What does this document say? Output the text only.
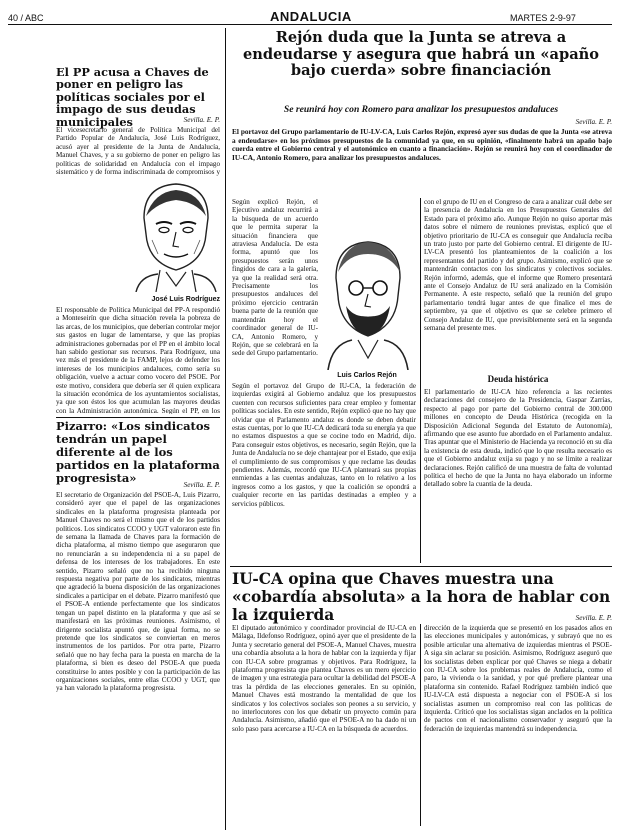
40 / ABC	ANDALUCIA	MARTES 2-9-97
El PP acusa a Chaves de poner en peligro las políticas sociales por el impago de sus deudas municipales	Sevilla. E. P.
José Luis Rodríguez
El vicesecretario general de Política Municipal del Partido Popular de Andalucía, José Luis Rodríguez, acusó ayer al presidente de la Junta de Andalucía, Manuel Chaves, y a su gobierno de poner en peligro las políticas de solidaridad en Andalucía con el impago sistemático y de forma indiscriminada de compromisos y
El responsable de Política Municipal del PP-A respondió a Monteseirín que dicha situación revela la pobreza de las arcas, de los municipios, que deberían controlar mejor sus gastos en lugar de lamentarse, y que las propias administraciones gobernadas por el PP en el ámbito local han sabido gestionar sus recursos. Para Rodríguez, una vez más el presidente de la FAMP, lejos de defender los intereses de los municipios andaluces, como sería su obligación, vuelve a actuar como vocero del PSOE. Por este motivo, considera que debería ser él quien explicara la situación económica de los ayuntamientos socialistas, ya que son éstos los que acumulan las mayores deudas con la Administración autonómica. Según el PP, en los
Pizarro: «Los sindicatos tendrán un papel diferente al de los partidos en la plataforma progresista»	Sevilla. E. P.
El secretario de Organización del PSOE-A, Luis Pizarro, consideró ayer que el papel de las organizaciones sindicales en la plataforma progresista planteada por Manuel Chaves no será el mismo que el de los partidos políticos. Los sindicatos CCOO y UGT valoraron este fin de semana la llamada de Chaves para la formación de dicha plataforma, al mismo tiempo que aseguraron que no renunciarán a su independencia ni a su papel de defensa de los intereses de los trabajadores. En este sentido, Pizarro señaló que no ha recibido ninguna respuesta negativa por parte de los sindicatos, mientras que agradeció la buena disposición de las organizaciones sindicales a participar en el debate. Pizarro manifestó que el PSOE-A entiende perfectamente que los sindicatos tengan un papel distinto en la plataforma y que así se manifestará en las próximas reuniones. Asimismo, el dirigente socialista apuntó que, de igual forma, no se pretende que los sindicatos se conviertan en meros instrumentos de los partidos. Por otra parte, Pizarro señaló que no hay fecha para la puesta en marcha de la plataforma, si bien es deseo del PSOE-A que pueda constituirse lo antes posible y con la participación de las organizaciones sociales, entre ellas CCOO y UGT, que ya han valorado la plataforma progresista.
Rejón duda que la Junta se atreva a endeudarse y asegura que habrá un «apaño bajo cuerda» sobre financiación
Se reunirá hoy con Romero para analizar los presupuestos andaluces
Sevilla. E. P.
El portavoz del Grupo parlamentario de IU-LV-CA, Luis Carlos Rejón, expresó ayer sus dudas de que la Junta «se atreva a endeudarse» en los próximos presupuestos de la comunidad ya que, en su opinión, «finalmente habrá un apaño bajo cuerda entre el Gobierno central y el autonómico en cuanto a financiación». Rejón se reunirá hoy con el coordinador de IU-CA, Antonio Romero, para analizar los presupuestos andaluces.
Según explicó Rejón, el Ejecutivo andaluz recurrirá a la búsqueda de un acuerdo que le permita superar la situación financiera que atraviesa Andalucía. De esta forma, apuntó que los presupuestos serán unos fingidos de cara a la galería, ya que la realidad será otra. Precisamente los presupuestos andaluces del próximo ejercicio centrarán buena parte de la reunión que mantendrán hoy el coordinador general de IU-CA, Antonio Romero, y Rejón, que se celebrará en la sede del Grupo parlamentario.
Luis Carlos Rejón
Según el portavoz del Grupo de IU-CA, la federación de izquierdas exigirá al Gobierno andaluz que los presupuestos cuenten con recursos suficientes para crear empleo y fomentar políticas sociales. En este sentido, Rejón explicó que no hay que olvidar que el Parlamento andaluz es donde se deben debatir estas cuentas, por lo que IU-CA dedicará toda su energía ya que no estamos dispuestos a que se cocine todo en Madrid, dijo. Para conseguir estos objetivos, es necesario, según Rejón, que la Junta de Andalucía no se deje chantajear por el Estado, que exija el cumplimiento de sus compromisos y que reclame las deudas pendientes. Además, recordó que IU-CA planteará sus propias enmiendas a las cuentas andaluzas, tanto en lo relativo a los ingresos como a los gastos, y que la coalición se opondrá a cualquier recorte en las partidas destinadas a empleo y a servicios públicos.
con el grupo de IU en el Congreso de cara a analizar cuál debe ser la presencia de Andalucía en los Presupuestos Generales del Estado para el próximo año. Aunque Rejón no quiso aportar más datos sobre el número de reuniones previstas, explicó que el objetivo prioritario de IU-CA es conseguir que Andalucía reciba un trato justo por parte del Gobierno central. El dirigente de IU-LV-CA presentó los planteamientos de la coalición a los representantes del partido y del grupo. Asimismo, explicó que se mantendrán contactos con los sindicatos y colectivos sociales. Rejón informó, además, que el informe que Romero presentará ante el Consejo Andaluz de IU será analizado en la Comisión Permanente. A este respecto, señaló que la reunión del grupo parlamentario tendrá lugar antes de que finalice el mes de septiembre, ya que el objetivo es que se celebre primero el Consejo Andaluz de IU, que previsiblemente será en la segunda semana del presente mes.
Deuda histórica
El parlamentario de IU-CA hizo referencia a las recientes declaraciones del consejero de la Presidencia, Gaspar Zarrías, respecto al pago por parte del Gobierno central de 300.000 millones en concepto de Deuda Histórica (recogida en la Disposición Adicional Segunda del Estatuto de Autonomía), afirmando que ese asunto fue abordado en el Parlamento andaluz. Tras apuntar que el Ministerio de Hacienda ya reconoció en su día la existencia de esta deuda, indicó que lo que resulta necesario es que el Gobierno andaluz exija su pago y no se limite a realizar declaraciones. Rejón calificó de una muestra de falta de voluntad política el hecho de que la Junta no haya elaborado un informe detallado sobre la cuantía de la deuda.
IU-CA opina que Chaves muestra una «cobardía absoluta» a la hora de hablar con la izquierda	Sevilla. E. P.
El diputado autonómico y coordinador provincial de IU-CA en Málaga, Ildefonso Rodríguez, opinó ayer que el presidente de la Junta y secretario general del PSOE-A, Manuel Chaves, muestra una cobardía absoluta a la hora de hablar con la izquierda y fijar con IU-CA sobre programas y objetivos. Para Rodríguez, la plataforma progresista que plantea Chaves es un mero ejercicio de imagen y una estrategia para ocultar la debilidad del PSOE-A tras la pérdida de las elecciones generales. En su opinión, Manuel Chaves está mostrando la mentalidad de que los sindicatos y los colectivos sociales son peones a su servicio, y no interlocutores con los que debatir un proyecto común para Andalucía. Asimismo, añadió que el PSOE-A no ha dado ni un solo paso para acercarse a IU-CA en la búsqueda de acuerdos.
dirección de la izquierda que se presentó en los pasados años en las elecciones municipales y autonómicas, y subrayó que no es posible articular una alternativa de izquierdas mientras el PSOE-A siga sin aclarar su posición. Asimismo, Rodríguez aseguró que los socialistas deben explicar por qué Chaves se niega a debatir con IU-CA sobre los problemas reales de Andalucía, como el paro, la vivienda o la sanidad, y por qué prefiere plantear una plataforma sin contenido. Rafael Rodríguez también indicó que IU-LV-CA está dispuesta a negociar con el PSOE-A si los socialistas asumen un compromiso real con las políticas de izquierda. Críticó que los socialistas sigan anclados en la política de pactos con el nacionalismo conservador y aseguró que la federación de izquierdas mantendrá su independencia.
